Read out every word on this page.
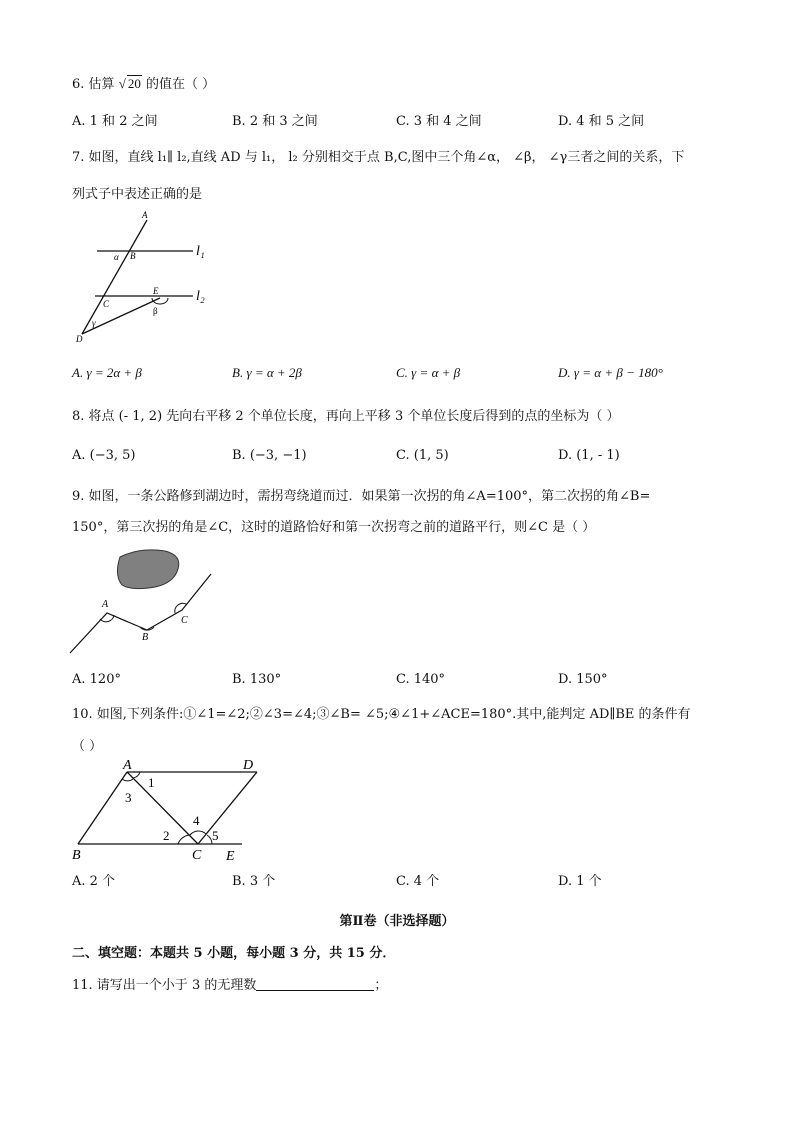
6. 估算 √ 20 的值在（ ）
A. 1 和 2 之间	B. 2 和 3 之间	C. 3 和 4 之间	D. 4 和 5 之间
7. 如图，直线 l₁∥ l₂,直线 AD 与 l₁， l₂ 分别相交于点 B,C,图中三个角∠α， ∠β， ∠γ三者之间的关系，下
列式子中表述正确的是
A
B
α
C
E
β
γ
D
l₁
l₂
A. γ = 2α + β	B. γ = α + 2β	C. γ = α + β	D. γ = α + β − 180°
8. 将点 (- 1, 2) 先向右平移 2 个单位长度，再向上平移 3 个单位长度后得到的点的坐标为（ ）
A. (−3, 5)	B. (−3, −1)	C. (1, 5)	D. (1, - 1)
9. 如图，一条公路修到湖边时，需拐弯绕道而过．如果第一次拐的角∠A=100°，第二次拐的角∠B=
150°，第三次拐的角是∠C，这时的道路恰好和第一次拐弯之前的道路平行，则∠C 是（ ）
A
B
C
A. 120°	B. 130°	C. 140°	D. 150°
10. 如图,下列条件:①∠1=∠2;②∠3=∠4;③∠B= ∠5;④∠1+∠ACE=180°.其中,能判定 AD∥BE 的条件有
（ ）
A	D
B	C E
1
3
2
4
5
A. 2 个	B. 3 个	C. 4 个	D. 1 个
第Ⅱ卷（非选择题）
二、填空题：本题共 5 小题，每小题 3 分，共 15 分．
11. 请写出一个小于 3 的无理数	；
